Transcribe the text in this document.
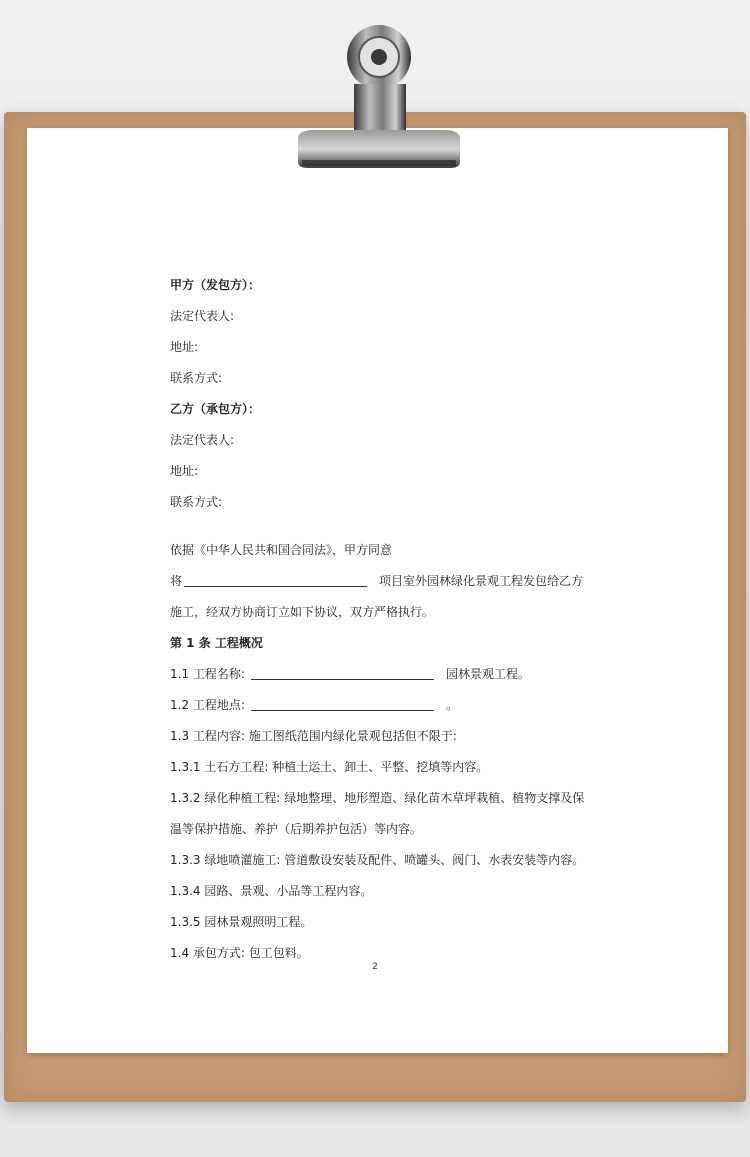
甲方（发包方）：

法定代表人:

地址:

联系方式:

乙方（承包方）：

法定代表人:

地址:

联系方式:

依据《中华人民共和国合同法》，甲方同意

将	项目室外园林绿化景观工程发包给乙方

施工，经双方协商订立如下协议，双方严格执行。

第 1 条 工程概况

1.1 工程名称:	园林景观工程。

1.2 工程地点:	。

1.3 工程内容: 施工图纸范围内绿化景观包括但不限于:

1.3.1 土石方工程: 种植土运土、卸土、平整、挖填等内容。

1.3.2 绿化种植工程: 绿地整理、地形塑造、绿化苗木草坪栽植、植物支撑及保

温等保护措施、养护（后期养护包活）等内容。

1.3.3 绿地喷灌施工: 管道敷设安装及配件、喷罐头、阀门、水表安装等内容。

1.3.4 园路、景观、小品等工程内容。

1.3.5 园林景观照明工程。

1.4 承包方式: 包工包料。

2
